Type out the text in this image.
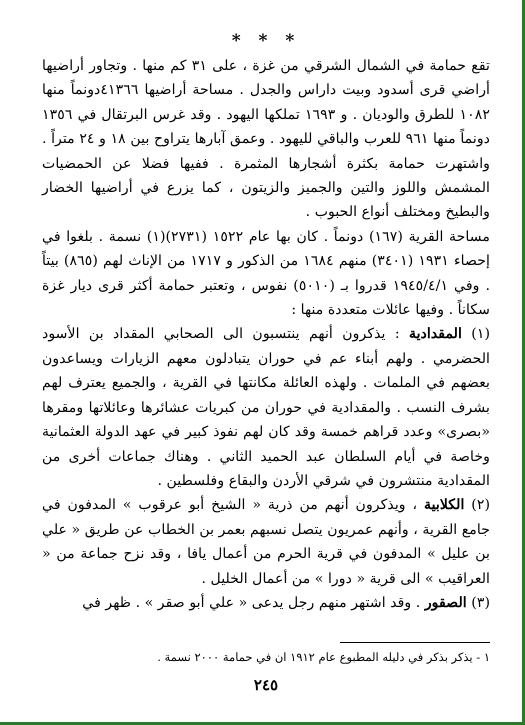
* * *

تقع حمامة في الشمال الشرقي من غزة ، على ٣١ كم منها . وتجاور أراضيها أراضي قرى أسدود وبيت داراس والجدل . مساحة أراضيها ٤١٣٦٦دونماً منها ١٠٨٢ للطرق والوديان . و ١٦٩٣ تملكها اليهود . وقد غرس البرتقال في ١٣٥٦ دونماً منها ٩٦١ للعرب والباقي لليهود . وعمق آبارها يتراوح بين ١٨ و ٢٤ متراً . واشتهرت حمامة بكثرة أشجارها المثمرة . ففيها فضلا عن الحمضيات المشمش واللوز والتين والجميز والزيتون ، كما يزرع في أراضيها الخضار والبطيخ ومختلف أنواع الحبوب .

مساحة القرية (١٦٧) دونماً . كان بها عام ١٥٢٢ (٢٧٣١)(١) نسمة . بلغوا في إحصاء ١٩٣١ (٣٤٠١) منهم ١٦٨٤ من الذكور و ١٧١٧ من الإناث لهم (٨٦٥) بيتاً . وفي ١٩٤٥/٤/١ قدروا بـ (٥٠١٠) نفوس ، وتعتبر حمامة أكثر قرى ديار غزة سكاناً . وفيها عائلات متعددة منها :

(١) المقدادية : يذكرون أنهم ينتسبون الى الصحابي المقداد بن الأسود الحضرمي . ولهم أبناء عم في حوران يتبادلون معهم الزيارات ويساعدون بعضهم في الملمات . ولهذه العائلة مكانتها في القرية ، والجميع يعترف لهم بشرف النسب . والمقدادية في حوران من كبريات عشائرها وعائلاتها ومقرها «بصرى» وعدد قراهم خمسة وقد كان لهم نفوذ كبير في عهد الدولة العثمانية وخاصة في أيام السلطان عبد الحميد الثاني . وهناك جماعات أخرى من المقدادية منتشرون في شرقي الأردن والبقاع وفلسطين .

(٢) الكلابية ، ويذكرون أنهم من ذرية « الشيخ أبو عرقوب » المدفون في جامع القرية ، وأنهم عمريون يتصل نسبهم بعمر بن الخطاب عن طريق « علي بن عليل » المدفون في قرية الحرم من أعمال يافا ، وقد نزح جماعة من « العراقيب » الى قرية « دورا » من أعمال الخليل .

(٣) الصقور . وقد اشتهر منهم رجل يدعى « علي أبو صقر » . ظهر في

١ - يذكر بذكر في دليله المطبوع عام ١٩١٢ ان في حمامة ٢٠٠٠ نسمة .
٢٤٥
